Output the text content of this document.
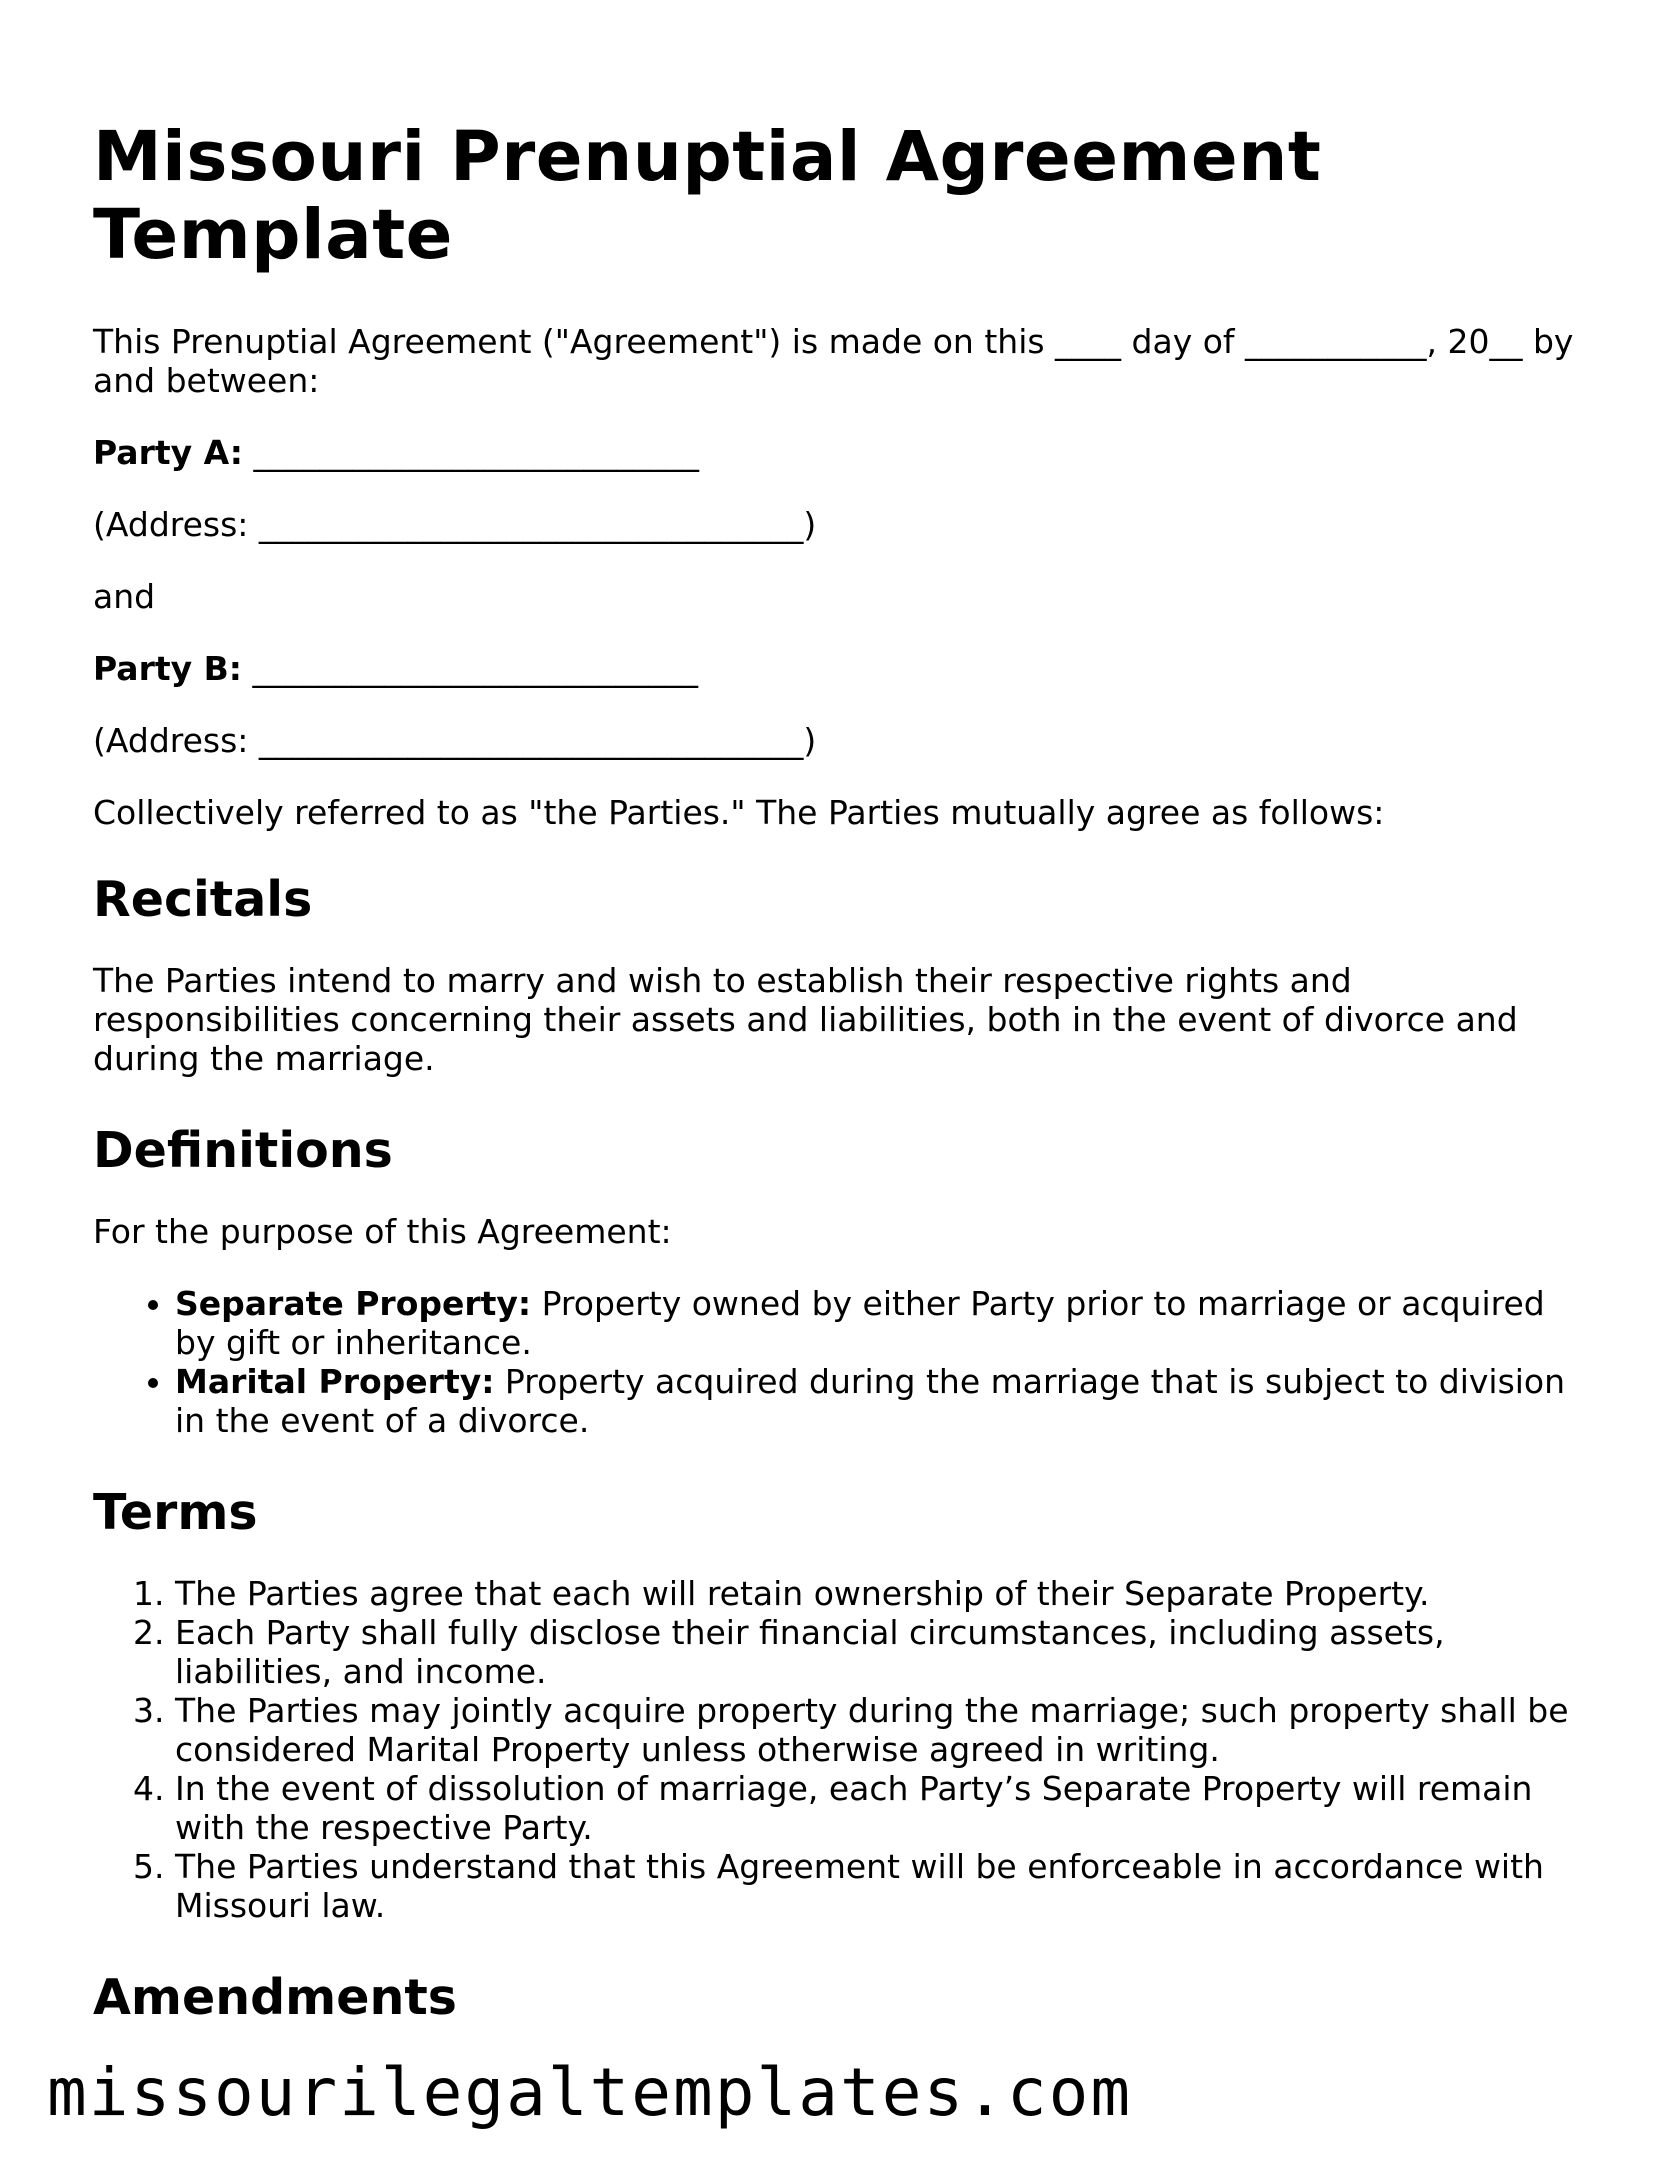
Missouri Prenuptial Agreement Template

This Prenuptial Agreement ("Agreement") is made on this ____ day of ___________, 20__ by and between:

Party A: ___________________________

(Address: _________________________________)

and

Party B: ___________________________

(Address: _________________________________)

Collectively referred to as "the Parties." The Parties mutually agree as follows:

Recitals

The Parties intend to marry and wish to establish their respective rights and responsibilities concerning their assets and liabilities, both in the event of divorce and during the marriage.

Definitions

For the purpose of this Agreement:

• Separate Property: Property owned by either Party prior to marriage or acquired by gift or inheritance.
• Marital Property: Property acquired during the marriage that is subject to division in the event of a divorce.
Terms
1. The Parties agree that each will retain ownership of their Separate Property.
2. Each Party shall fully disclose their financial circumstances, including assets, liabilities, and income.
3. The Parties may jointly acquire property during the marriage; such property shall be considered Marital Property unless otherwise agreed in writing.
4. In the event of dissolution of marriage, each Party’s Separate Property will remain with the respective Party.
5. The Parties understand that this Agreement will be enforceable in accordance with Missouri law.
Amendments
missourilegaltemplates.com
